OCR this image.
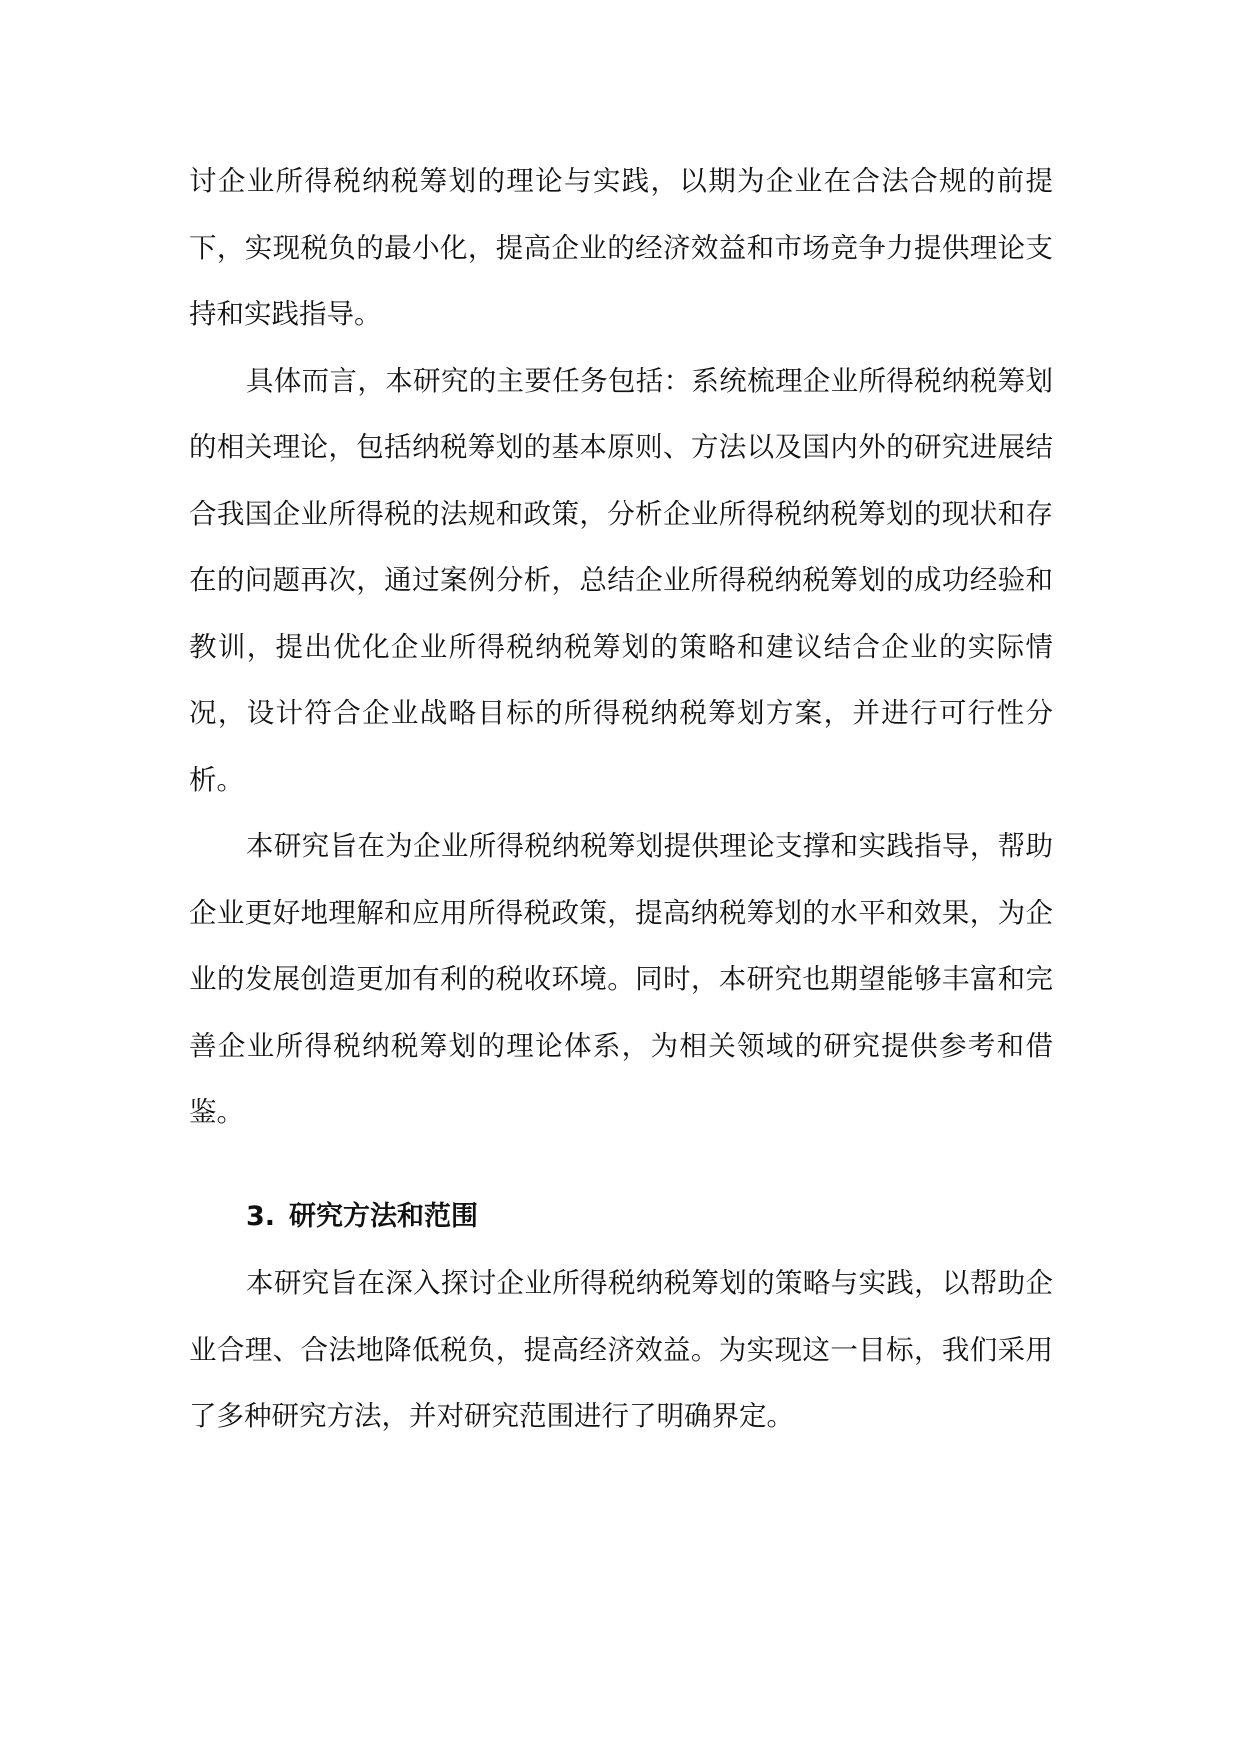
讨企业所得税纳税筹划的理论与实践，以期为企业在合法合规的前提下，实现税负的最小化，提高企业的经济效益和市场竞争力提供理论支持和实践指导。

具体而言，本研究的主要任务包括：系统梳理企业所得税纳税筹划的相关理论，包括纳税筹划的基本原则、方法以及国内外的研究进展结合我国企业所得税的法规和政策，分析企业所得税纳税筹划的现状和存在的问题再次，通过案例分析，总结企业所得税纳税筹划的成功经验和教训，提出优化企业所得税纳税筹划的策略和建议结合企业的实际情况，设计符合企业战略目标的所得税纳税筹划方案，并进行可行性分析。

本研究旨在为企业所得税纳税筹划提供理论支撑和实践指导，帮助企业更好地理解和应用所得税政策，提高纳税筹划的水平和效果，为企业的发展创造更加有利的税收环境。同时，本研究也期望能够丰富和完善企业所得税纳税筹划的理论体系，为相关领域的研究提供参考和借鉴。

3. 研究方法和范围

本研究旨在深入探讨企业所得税纳税筹划的策略与实践，以帮助企业合理、合法地降低税负，提高经济效益。为实现这一目标，我们采用了多种研究方法，并对研究范围进行了明确界定。
